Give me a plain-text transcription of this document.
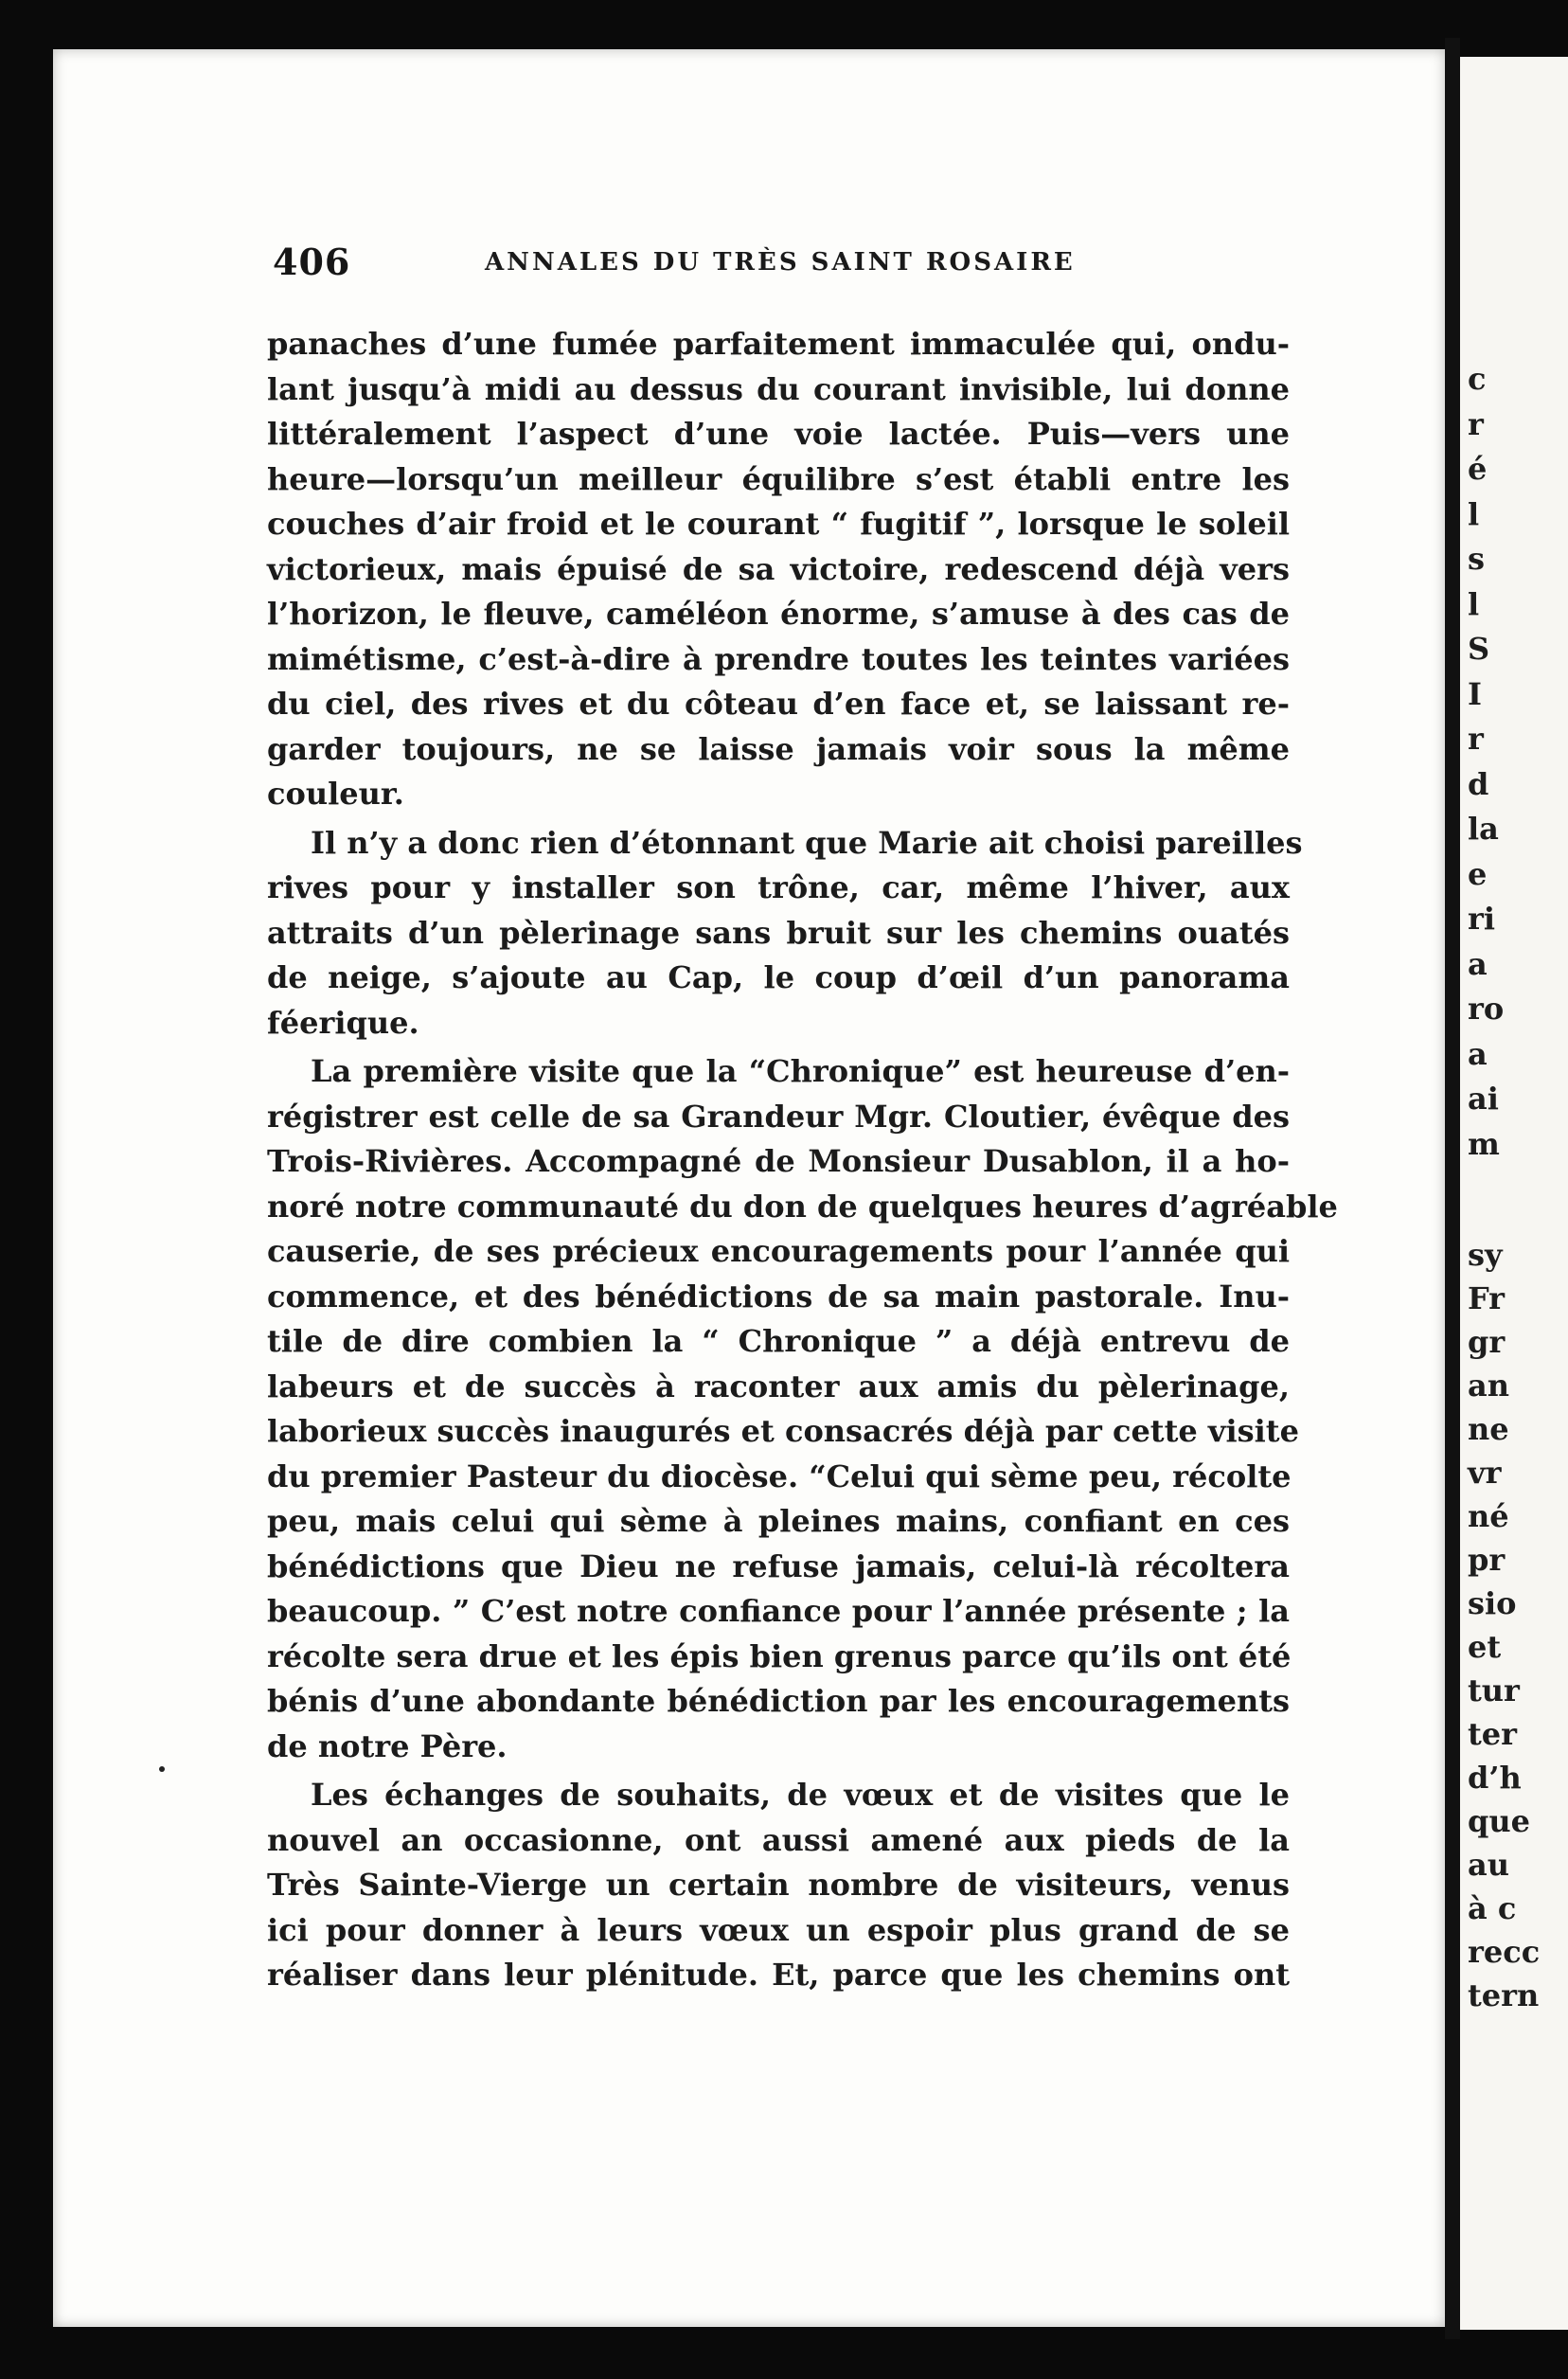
406	ANNALES DU TRÈS SAINT ROSAIRE
panaches d’une fumée parfaitement immaculée qui, ondu-
lant jusqu’à midi au dessus du courant invisible, lui donne
littéralement l’aspect d’une voie lactée. Puis—vers une
heure—lorsqu’un meilleur équilibre s’est établi entre les
couches d’air froid et le courant “ fugitif ”, lorsque le soleil
victorieux, mais épuisé de sa victoire, redescend déjà vers
l’horizon, le fleuve, caméléon énorme, s’amuse à des cas de
mimétisme, c’est-à-dire à prendre toutes les teintes variées
du ciel, des rives et du côteau d’en face et, se laissant re-
garder toujours, ne se laisse jamais voir sous la même
couleur.
Il n’y a donc rien d’étonnant que Marie ait choisi pareilles
rives pour y installer son trône, car, même l’hiver, aux
attraits d’un pèlerinage sans bruit sur les chemins ouatés
de neige, s’ajoute au Cap, le coup d’œil d’un panorama
féerique.
La première visite que la “Chronique” est heureuse d’en-
régistrer est celle de sa Grandeur Mgr. Cloutier, évêque des
Trois-Rivières. Accompagné de Monsieur Dusablon, il a ho-
noré notre communauté du don de quelques heures d’agréable
causerie, de ses précieux encouragements pour l’année qui
commence, et des bénédictions de sa main pastorale. Inu-
tile de dire combien la “ Chronique ” a déjà entrevu de
labeurs et de succès à raconter aux amis du pèlerinage,
laborieux succès inaugurés et consacrés déjà par cette visite
du premier Pasteur du diocèse. “Celui qui sème peu, récolte
peu, mais celui qui sème à pleines mains, confiant en ces
bénédictions que Dieu ne refuse jamais, celui-là récoltera
beaucoup. ” C’est notre confiance pour l’année présente ; la
récolte sera drue et les épis bien grenus parce qu’ils ont été
bénis d’une abondante bénédiction par les encouragements
de notre Père.
Les échanges de souhaits, de vœux et de visites que le
nouvel an occasionne, ont aussi amené aux pieds de la
Très Sainte-Vierge un certain nombre de visiteurs, venus
ici pour donner à leurs vœux un espoir plus grand de se
réaliser dans leur plénitude. Et, parce que les chemins ont
c
r
é
l
s
l
S
I
r
d
la
e
ri
a
ro
a
ai
m
sy
Fr
gr
an
ne
vr
né
pr
sio
et
tur
ter
d’h
que
au
à c
recc
tern
